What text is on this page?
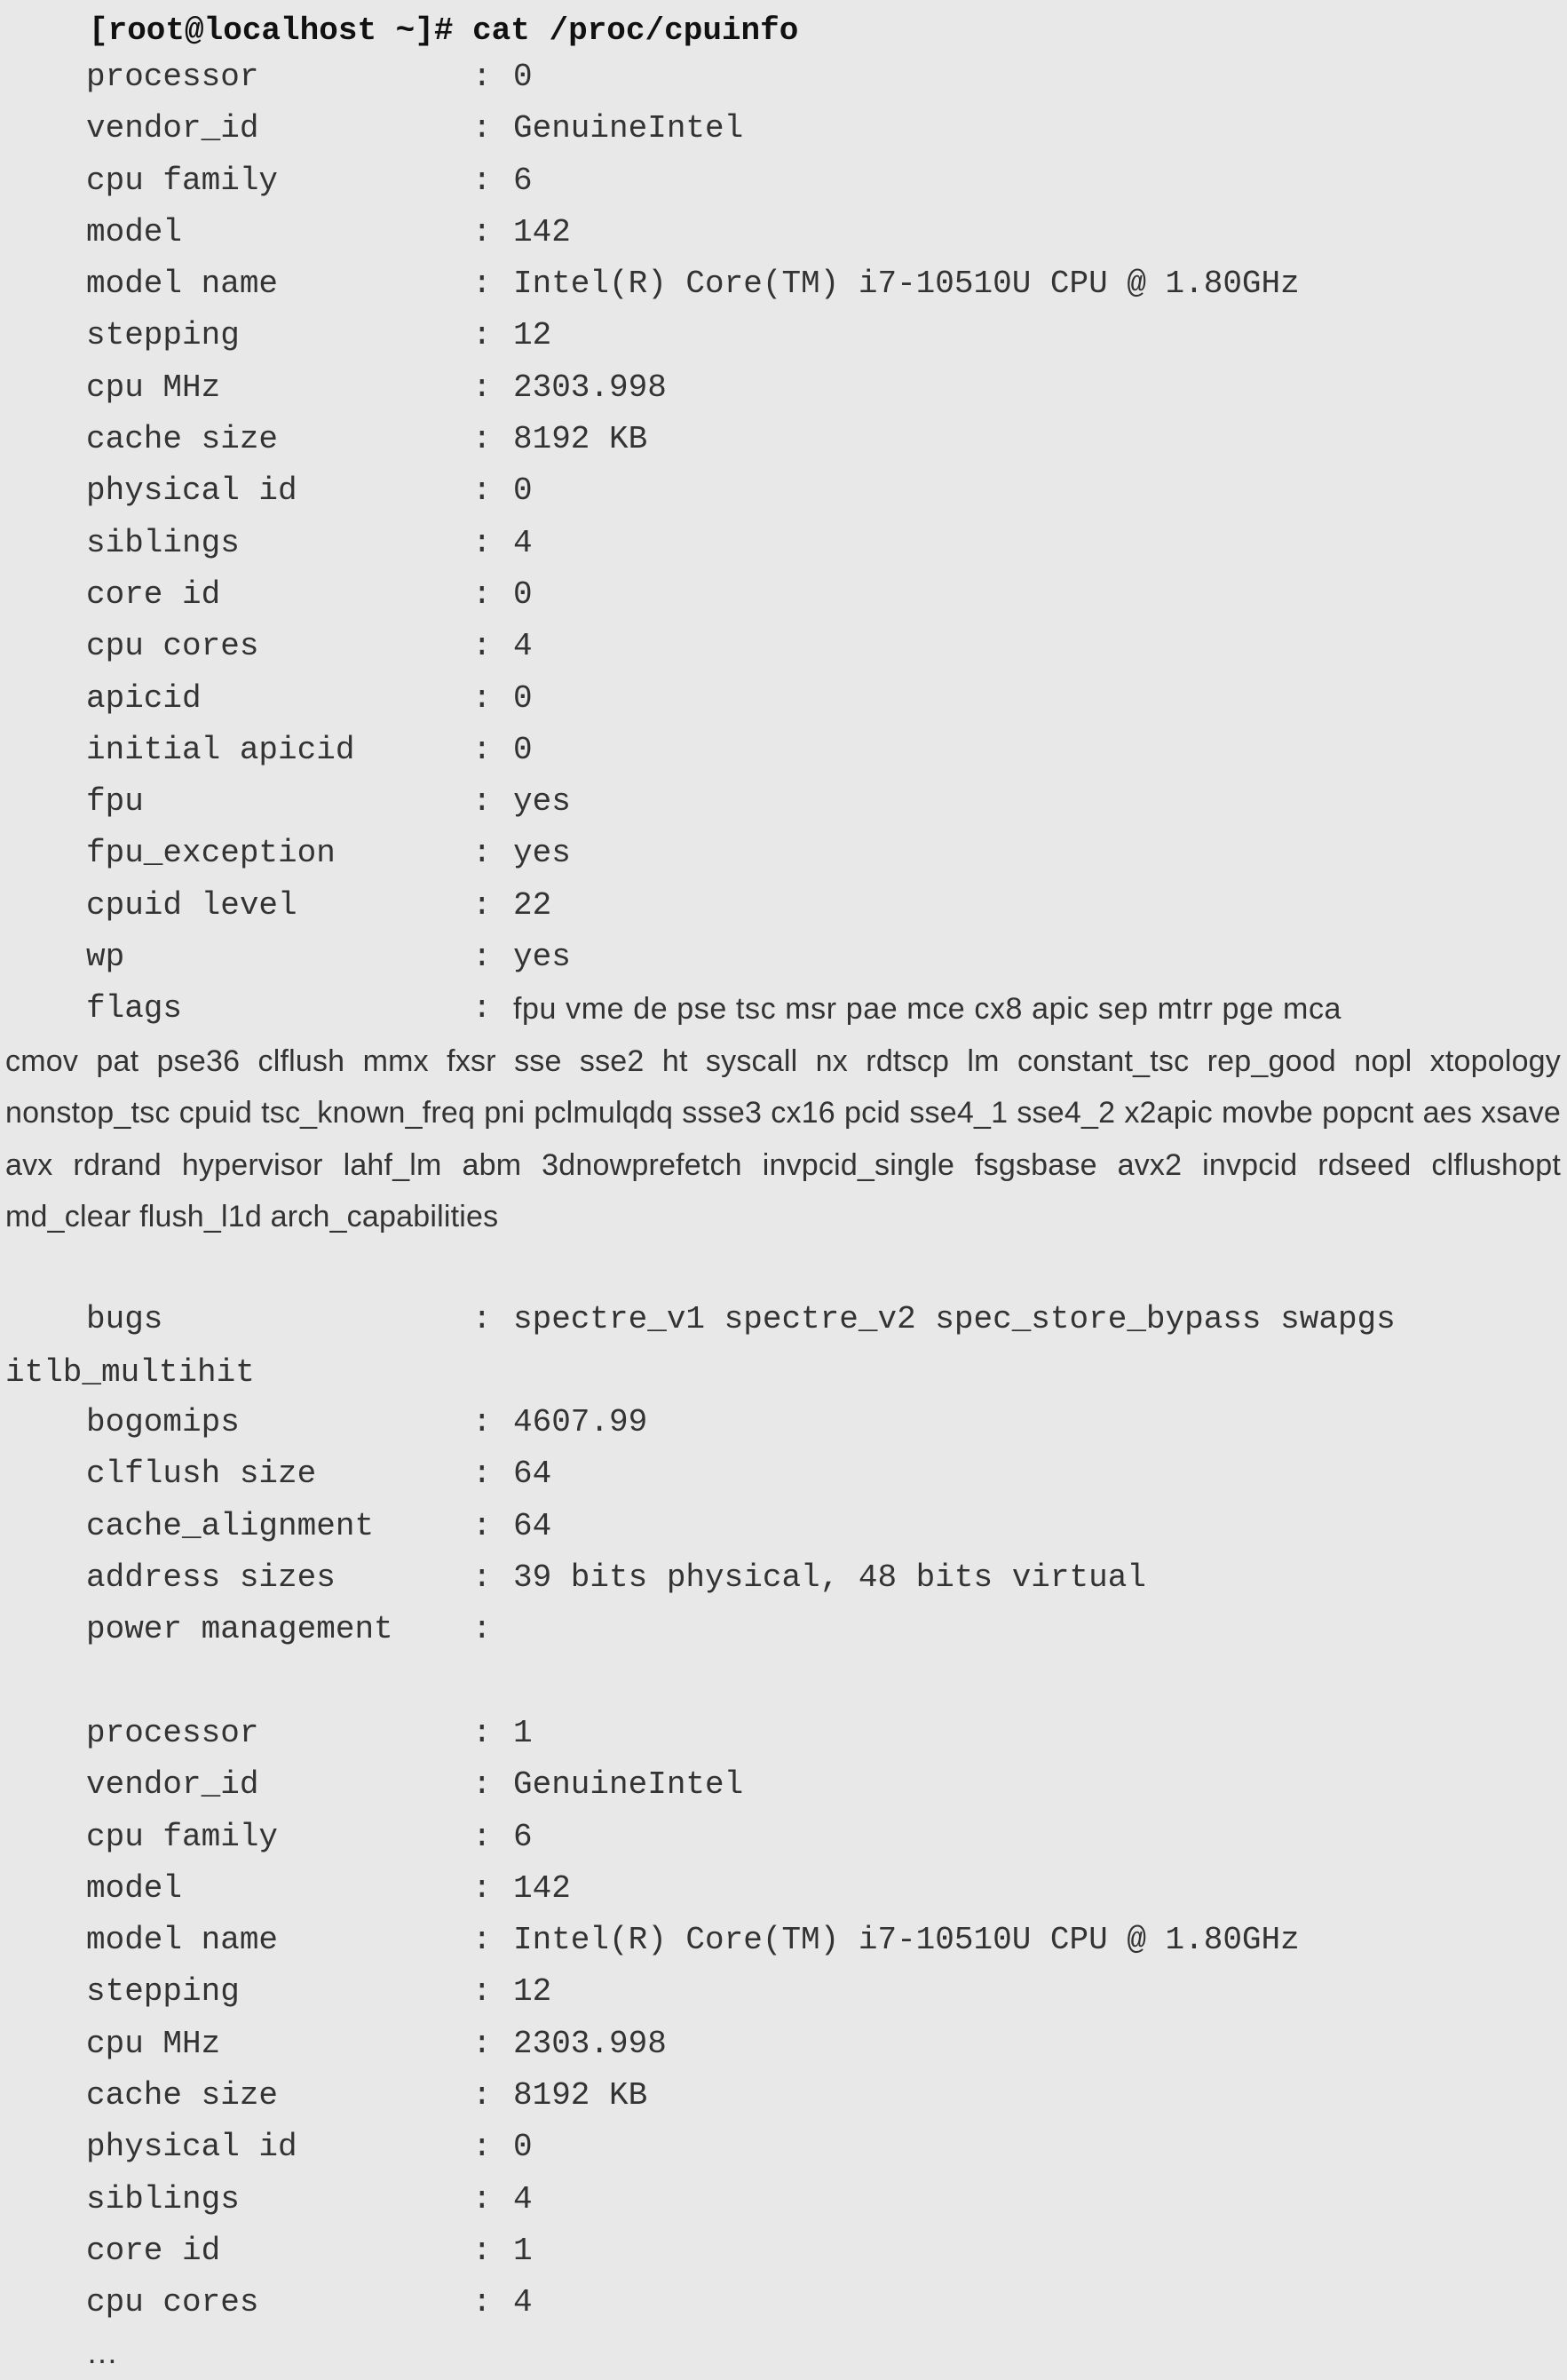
[root@localhost ~]# cat /proc/cpuinfo
processor	: 0
vendor_id	: GenuineIntel
cpu family	: 6
model	: 142
model name	: Intel(R) Core(TM) i7-10510U CPU @ 1.80GHz
stepping	: 12
cpu MHz	: 2303.998
cache size	: 8192 KB
physical id	: 0
siblings	: 4
core id	: 0
cpu cores	: 4
apicid	: 0
initial apicid	: 0
fpu	: yes
fpu_exception	: yes
cpuid level	: 22
wp	: yes
flags	: fpu vme de pse tsc msr pae mce cx8 apic sep mtrr pge mca
cmov pat pse36 clflush mmx fxsr sse sse2 ht syscall nx rdtscp lm constant_tsc rep_good nopl xtopology nonstop_tsc cpuid tsc_known_freq pni pclmulqdq ssse3 cx16 pcid sse4_1 sse4_2 x2apic movbe popcnt aes xsave avx rdrand hypervisor lahf_lm abm 3dnowprefetch invpcid_single fsgsbase avx2 invpcid rdseed clflushopt md_clear flush_l1d arch_capabilities
bugs	: spectre_v1 spectre_v2 spec_store_bypass swapgs
itlb_multihit
bogomips	: 4607.99
clflush size	: 64
cache_alignment	: 64
address sizes	: 39 bits physical, 48 bits virtual
power management :
processor	: 1
vendor_id	: GenuineIntel
cpu family	: 6
model	: 142
model name	: Intel(R) Core(TM) i7-10510U CPU @ 1.80GHz
stepping	: 12
cpu MHz	: 2303.998
cache size	: 8192 KB
physical id	: 0
siblings	: 4
core id	: 1
cpu cores	: 4
…
